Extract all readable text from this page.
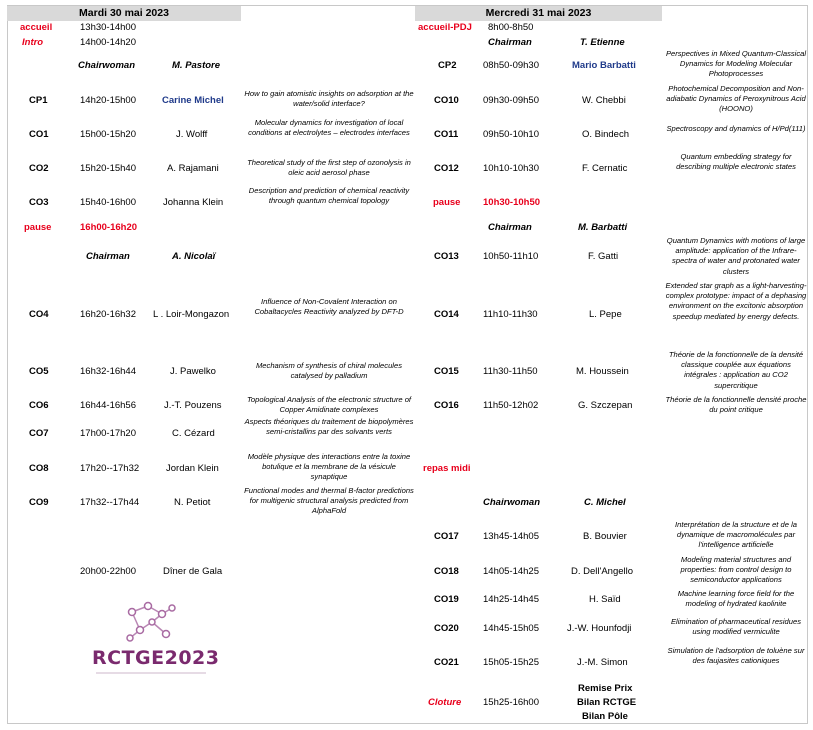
Mardi 30 mai 2023	Mercredi 31 mai 2023
accueil	13h30-14h00
Intro	14h00-14h20
Chairwoman	M. Pastore
CP1	14h20-15h00	Carine Michel
How to gain atomistic insights on adsorption at the water/solid interface?
CO1	15h00-15h20	J. Wolff
Molecular dynamics for investigation of local conditions at electrolytes – electrodes interfaces
CO2	15h20-15h40	A. Rajamani
Theoretical study of the first step of ozonolysis in oleic acid aerosol phase
CO3	15h40-16h00	Johanna Klein
Description and prediction of chemical reactivity through quantum chemical topology
pause	16h00-16h20
Chairman	A. Nicolaï
CO4	16h20-16h32 L . Loir-Mongazon
Influence of Non-Covalent Interaction on Cobaltacycles Reactivity analyzed by DFT-D
CO5	16h32-16h44	J. Pawelko
Mechanism of synthesis of chiral molecules catalysed by palladium
CO6	16h44-16h56	J.-T. Pouzens
Topological Analysis of the electronic structure of Copper Amidinate complexes
CO7	17h00-17h20	C. Cézard
Aspects théoriques du traitement de biopolymères semi-cristallins par des solvants verts
CO8	17h20--17h32	Jordan Klein
Modèle physique des interactions entre la toxine botulique et la membrane de la vésicule synaptique
CO9	17h32--17h44	N. Petiot
Functional modes and thermal B-factor predictions for multigenic structural analysis predicted from AlphaFold
20h00-22h00	Dîner de Gala
RCTGE2023
accueil-PDJ 8h00-8h50
Chairman	T. Etienne
CP2	08h50-09h30	Mario Barbatti
Perspectives in Mixed Quantum-Classical Dynamics for Modeling Molecular Photoprocesses
CO10	09h30-09h50	W. Chebbi
Photochemical Decomposition and Non-adiabatic Dynamics of Peroxynitrous Acid (HOONO)
CO11	09h50-10h10	O. Bindech
Spectroscopy and dynamics of H/Pd(111)
CO12	10h10-10h30	F. Cernatic
Quantum embedding strategy for describing multiple electronic states
pause 10h30-10h50
Chairman	M. Barbatti
CO13	10h50-11h10	F. Gatti
Quantum Dynamics with motions of large amplitude: application of the Infrare-spectra of water and protonated water clusters
CO14	11h10-11h30	L. Pepe
Extended star graph as a light-harvesting-complex prototype: impact of a dephasing environment on the excitonic absorption speedup mediated by energy defects.
CO15	11h30-11h50	M. Houssein
Théorie de la fonctionnelle de la densité classique couplée aux équations intégrales : application au CO2 supercritique
CO16	11h50-12h02	G. Szczepan
Théorie de la fonctionnelle densité proche du point critique
repas midi
Chairwoman	C. Michel
CO17	13h45-14h05	B. Bouvier
Interprétation de la structure et de la dynamique de macromolécules par l'intelligence artificielle
CO18	14h05-14h25	D. Dell'Angello
Modeling material structures and properties: from control design to semiconductor applications
CO19	14h25-14h45	H. Saïd
Machine learning force field for the modeling of hydrated kaolinite
CO20	14h45-15h05	J.-W. Hounfodji
Elimination of pharmaceutical residues using modified vermiculite
CO21	15h05-15h25	J.-M. Simon
Simulation de l'adsorption de toluène sur des faujasites cationiques
Cloture 15h25-16h00
Remise Prix
Bilan RCTGE
Bilan Pôle
